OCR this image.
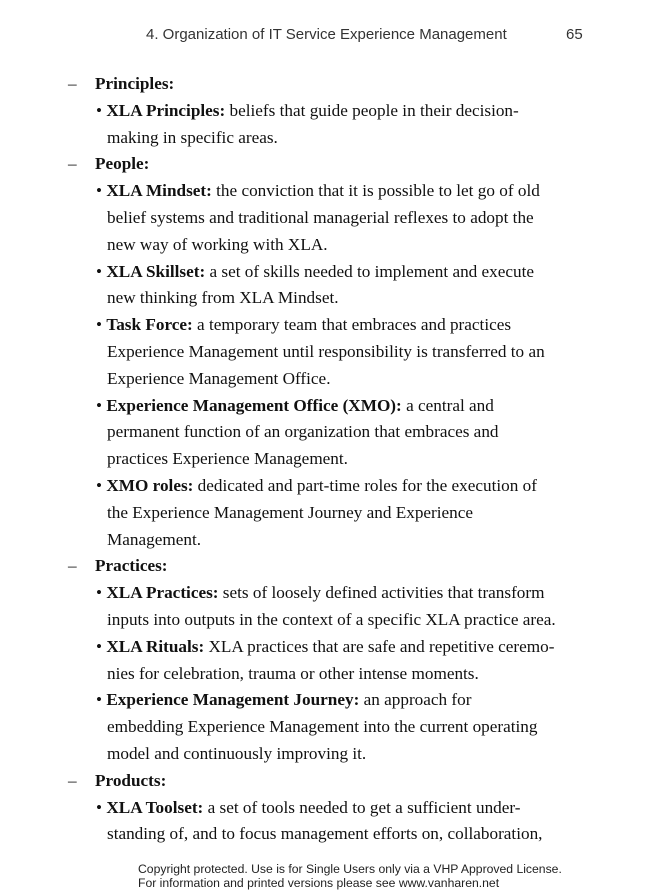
4. Organization of IT Service Experience Management	65
– Principles:
• XLA Principles: beliefs that guide people in their decision-
making in specific areas.
– People:
• XLA Mindset: the conviction that it is possible to let go of old
belief systems and traditional managerial reflexes to adopt the
new way of working with XLA.
• XLA Skillset: a set of skills needed to implement and execute
new thinking from XLA Mindset.
• Task Force: a temporary team that embraces and practices
Experience Management until responsibility is transferred to an
Experience Management Office.
• Experience Management Office (XMO): a central and
permanent function of an organization that embraces and
practices Experience Management.
• XMO roles: dedicated and part-time roles for the execution of
the Experience Management Journey and Experience
Management.
– Practices:
• XLA Practices: sets of loosely defined activities that transform
inputs into outputs in the context of a specific XLA practice area.
• XLA Rituals: XLA practices that are safe and repetitive ceremo-
nies for celebration, trauma or other intense moments.
• Experience Management Journey: an approach for
embedding Experience Management into the current operating
model and continuously improving it.
– Products:
• XLA Toolset: a set of tools needed to get a sufficient under-
standing of, and to focus management efforts on, collaboration,
Copyright protected. Use is for Single Users only via a VHP Approved License.
For information and printed versions please see www.vanharen.net
